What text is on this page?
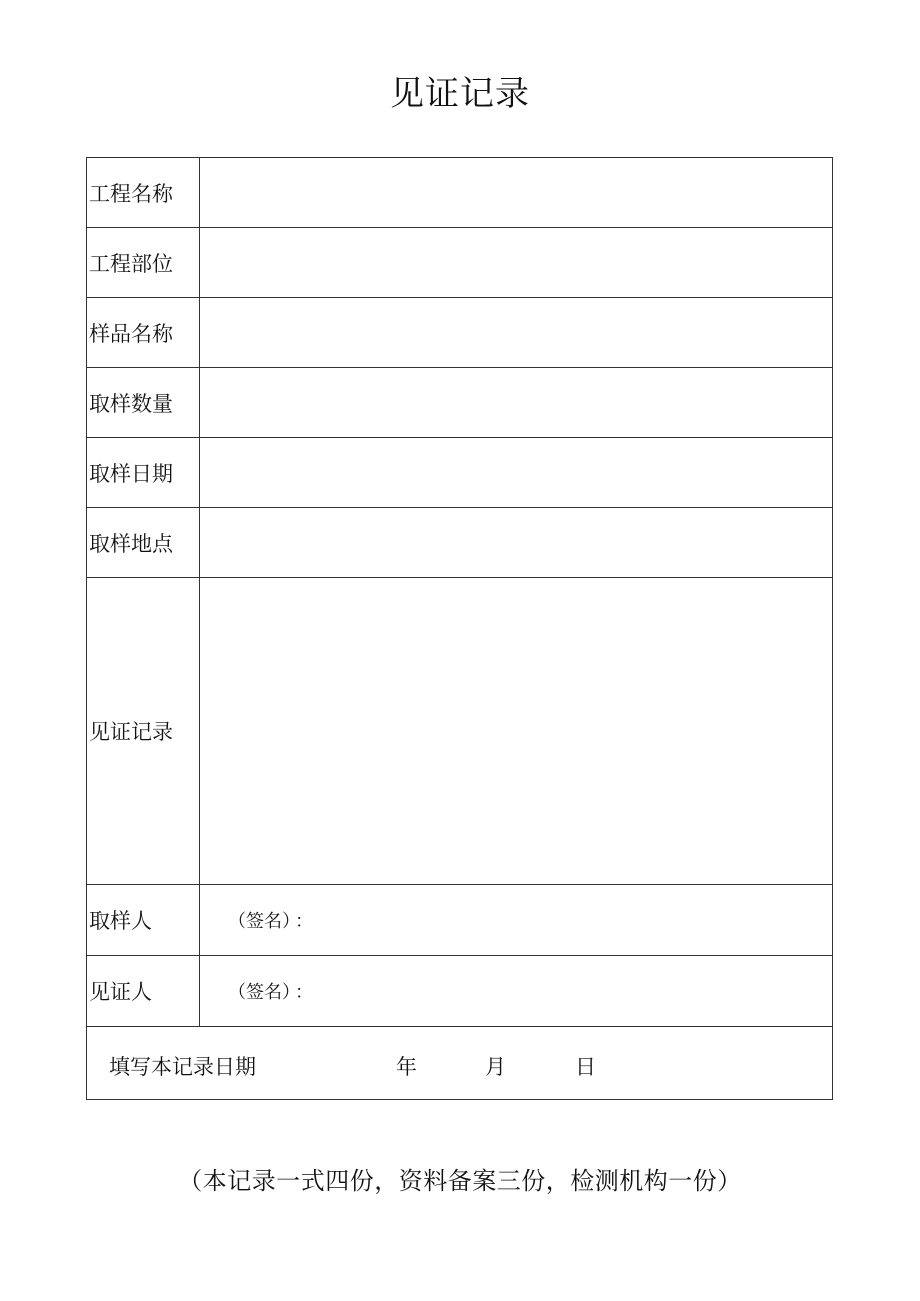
见证记录
工程名称	
工程部位	
样品名称	
取样数量	
取样日期	
取样地点	
见证记录	
取样人	（签名） ：
见证人	（签名） ：

填写本记录日期 年 月 日	
（本记录一式四份，资料备案三份，检测机构一份）
